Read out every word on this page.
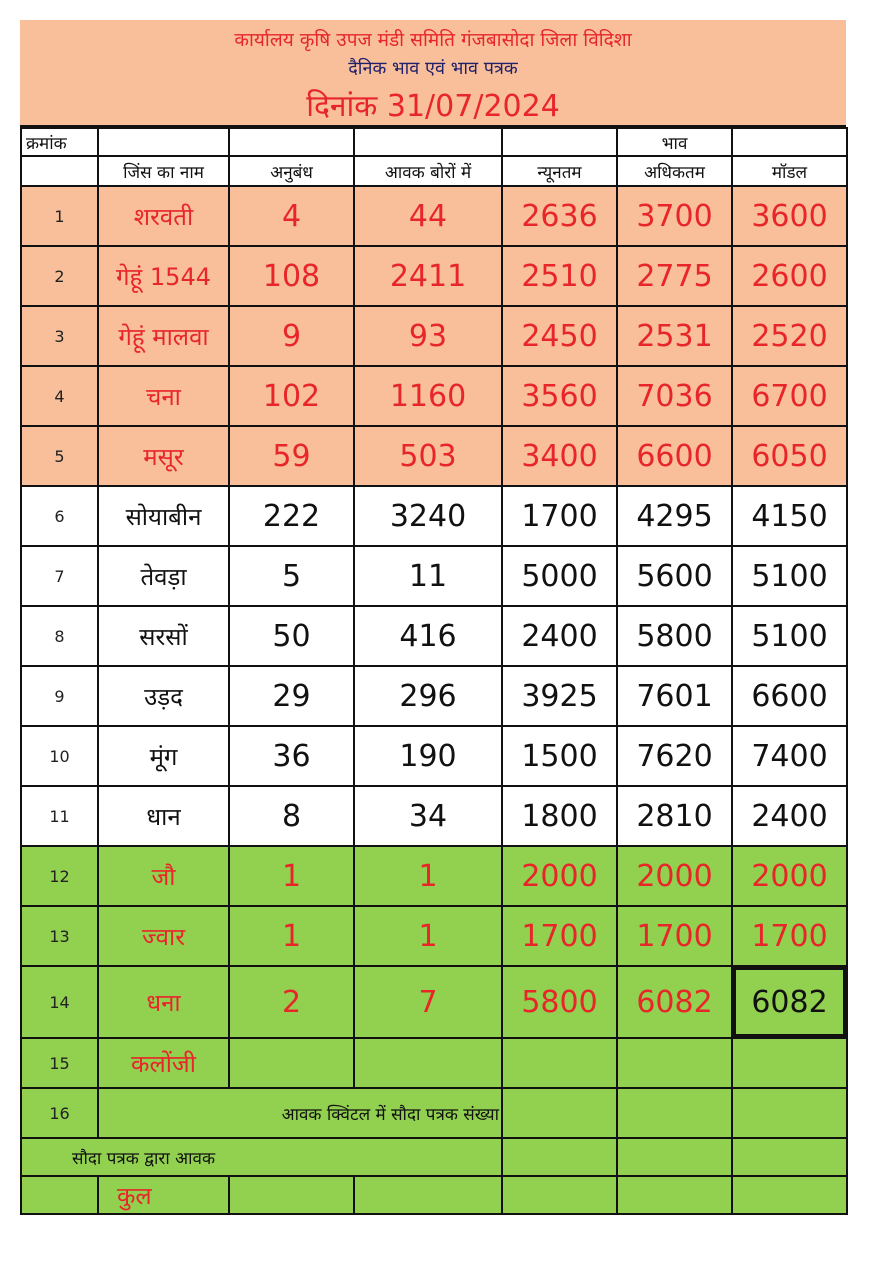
कार्यालय कृषि उपज मंडी समिति गंजबासोदा जिला विदिशा
दैनिक भाव एवं भाव पत्रक
दिनांक 31/07/2024
क्रमांक					भाव	
	जिंस का नाम	अनुबंध	आवक बोरों में	न्यूनतम	अधिकतम	मॉडल
1	शरवती	4	44	2636	3700	3600
2	गेहूं 1544	108	2411	2510	2775	2600
3	गेहूं मालवा	9	93	2450	2531	2520
4	चना	102	1160	3560	7036	6700
5	मसूर	59	503	3400	6600	6050
6	सोयाबीन	222	3240	1700	4295	4150
7	तेवड़ा	5	11	5000	5600	5100
8	सरसों	50	416	2400	5800	5100
9	उड़द	29	296	3925	7601	6600
10	मूंग	36	190	1500	7620	7400
11	धान	8	34	1800	2810	2400
12	जौ	1	1	2000	2000	2000
13	ज्वार	1	1	1700	1700	1700
14	धना	2	7	5800	6082	6082
15	कलोंजी					
16	आवक क्विंटल में सौदा पत्रक संख्या					
सौदा पत्रक द्वारा आवक						
	कुल					
